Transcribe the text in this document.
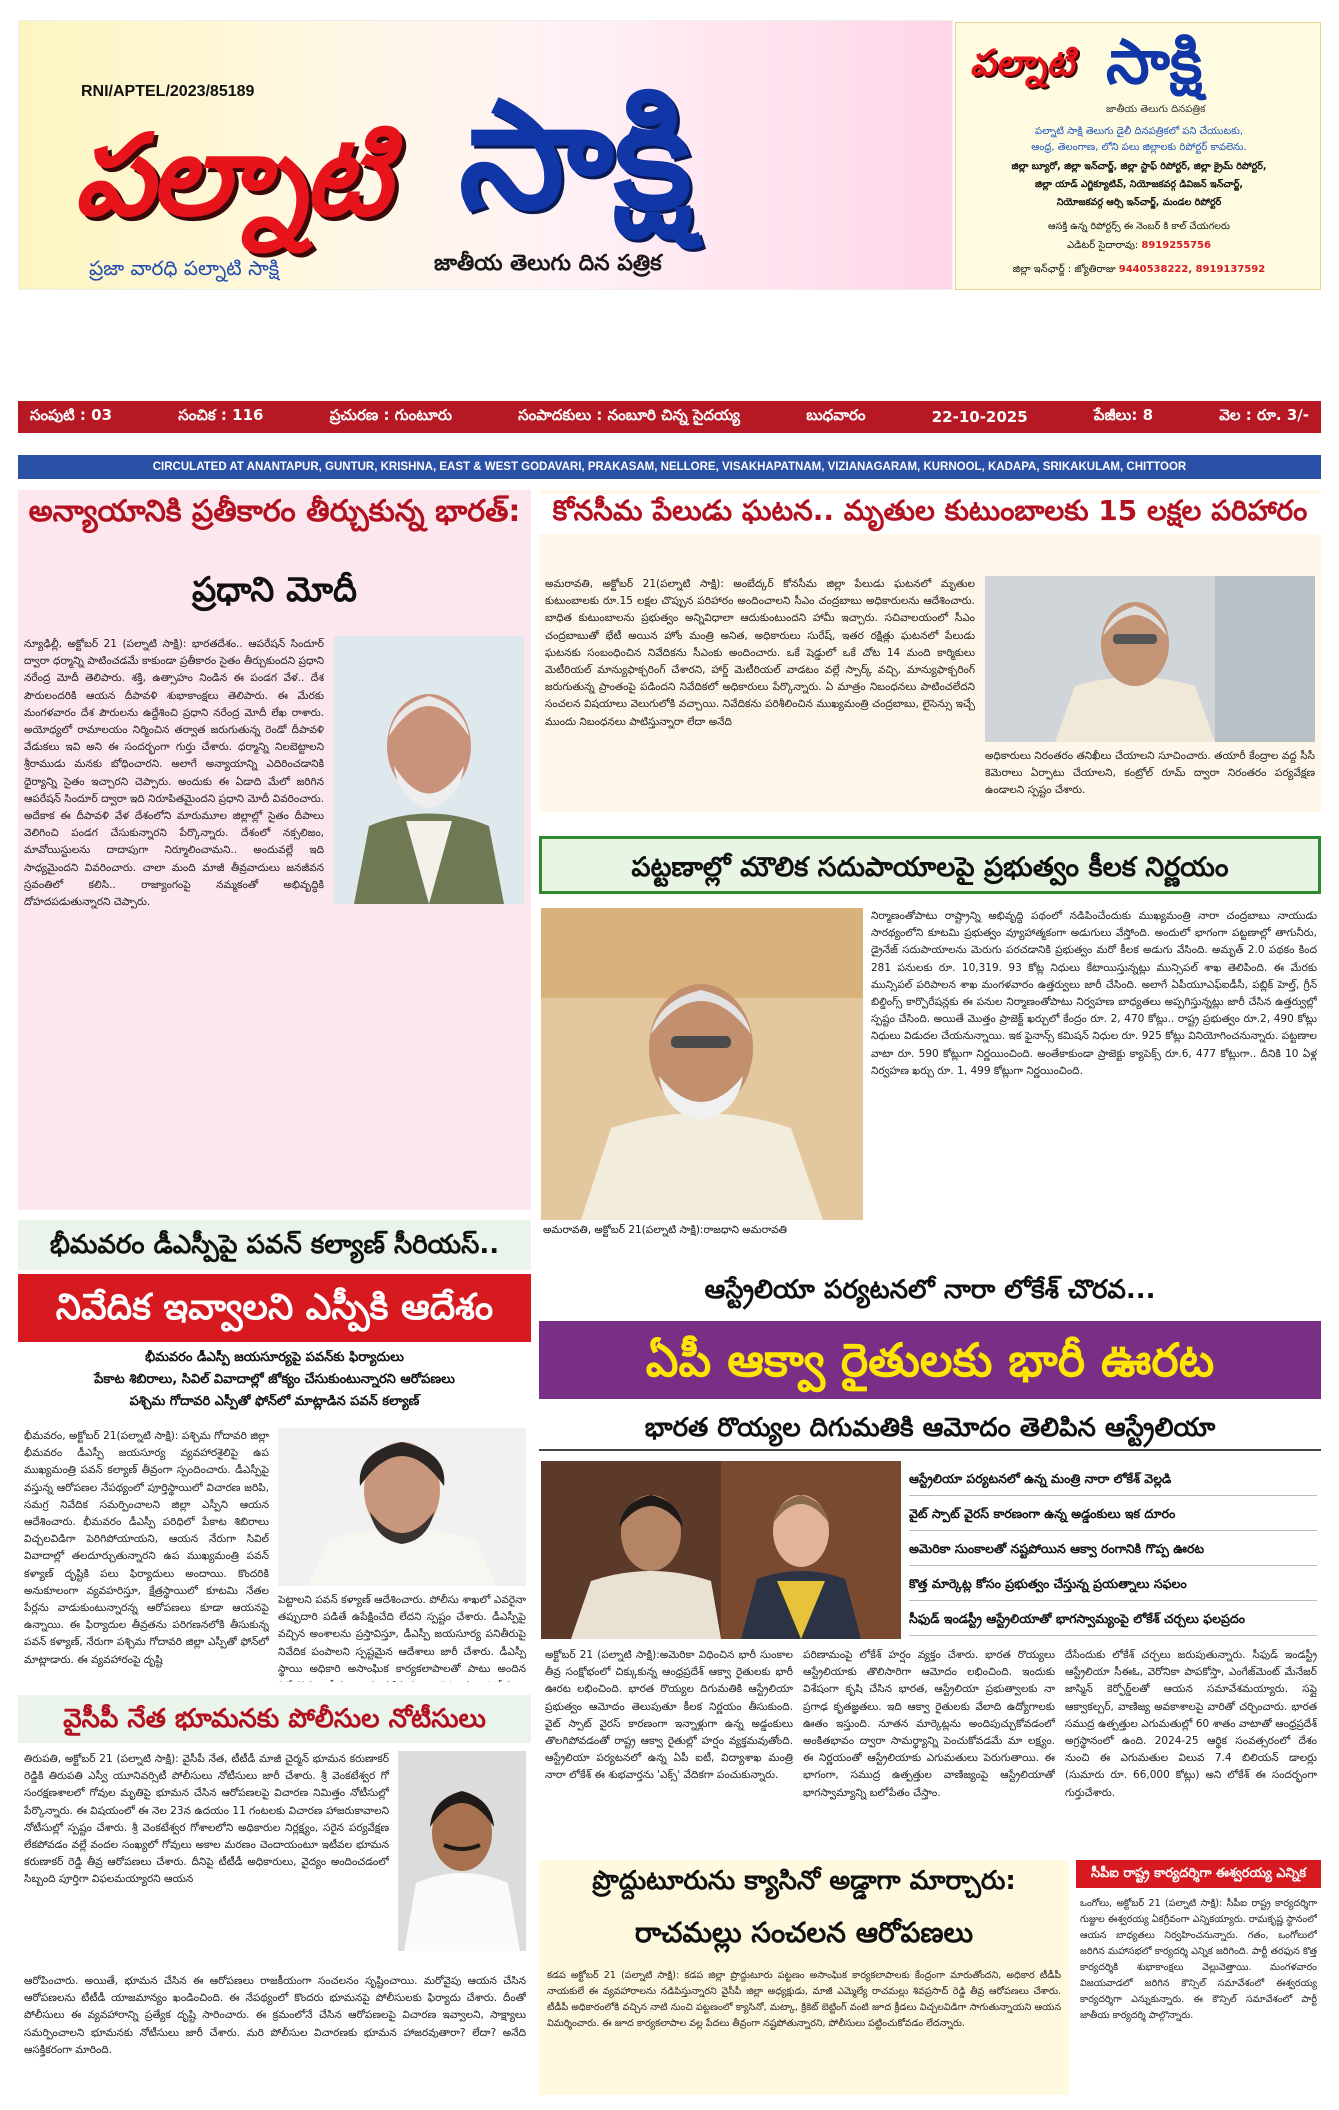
RNI/APTEL/2023/85189
పల్నాటి సాక్షి
ప్రజా వారధి పల్నాటి సాక్షి	జాతీయ తెలుగు దిన పత్రిక
పల్నాటి సాక్షి
జాతీయ తెలుగు దినపత్రిక
పల్నాటి సాక్షి తెలుగు డైలీ దినపత్రికలో పని చేయుటకు,
ఆంధ్ర, తెలంగాణ, లోని పలు జిల్లాలకు రిపోర్టర్ కావలెను.
జిల్లా బ్యూరో, జిల్లా ఇన్‌చార్జ్, జిల్లా స్టాఫ్ రిపోర్టర్, జిల్లా క్రైమ్ రిపోర్టర్,
జిల్లా యాడ్ ఎగ్జిక్యూటివ్, నియోజకవర్గ డివిజన్ ఇన్‌చార్జ్,
నియోజకవర్గ ఆర్సి ఇన్‌చార్జ్, మండల రిపోర్టర్
ఆసక్తి ఉన్న రిపోర్టర్స్ ఈ నెంబర్ కి కాల్ చేయగలరు
ఎడిటర్ సైదారావు: 8919255756
జిల్లా ఇన్‌ఛార్జ్ : జ్యోతిరాజు 9440538222, 8919137592
సంపుటి : 03	సంచిక : 116	ప్రచురణ : గుంటూరు	సంపాదకులు : నంబూరి చిన్న సైదయ్య	బుధవారం	22-10-2025	పేజీలు: 8	వెల : రూ. 3/-
CIRCULATED AT ANANTAPUR, GUNTUR, KRISHNA, EAST & WEST GODAVARI, PRAKASAM, NELLORE, VISAKHAPATNAM, VIZIANAGARAM, KURNOOL, KADAPA, SRIKAKULAM, CHITTOOR
అన్యాయానికి ప్రతీకారం తీర్చుకున్న భారత్:
ప్రధాని మోదీ
న్యూఢిల్లీ, అక్టోబర్ 21 (పల్నాటి సాక్షి): భారతదేశం.. ఆపరేషన్ సిందూర్ ద్వారా ధర్మాన్ని పాటించడమే కాకుండా ప్రతీకారం సైతం తీర్చుకుందని ప్రధాని నరేంద్ర మోదీ తెలిపారు. శక్తి, ఉత్సాహం నిండిన ఈ పండగ వేళ.. దేశ పౌరులందరికి ఆయన దీపావళి శుభాకాంక్షలు తెలిపారు. ఈ మేరకు మంగళవారం దేశ పౌరులను ఉద్దేశించి ప్రధాని నరేంద్ర మోదీ లేఖ రాశారు. అయోధ్యలో రామాలయం నిర్మించిన తర్వాత జరుగుతున్న రెండో దీపావళి వేడుకలు ఇవి అని ఈ సందర్భంగా గుర్తు చేశారు. ధర్మాన్ని నిలబెట్టాలని శ్రీరాముడు మనకు బోధించారని. అలాగే అన్యాయాన్ని ఎదిరించడానికి ధైర్యాన్ని సైతం ఇచ్చారని చెప్పారు. అందుకు ఈ ఏడాది మేలో జరిగిన ఆపరేషన్ సిందూర్ ద్వారా ఇది నిరూపితమైందని ప్రధాని మోదీ వివరించారు. అదేకాక ఈ దీపావళి వేళ దేశంలోని మారుమూల జిల్లాల్లో సైతం దీపాలు వెలిగించి పండగ చేసుకున్నారని పేర్కొన్నారు. దేశంలో నక్సలిజం, మావోయిస్టులను దాదాపుగా నిర్మూలించామని.. అందువల్లే ఇది సాధ్యమైందని వివరించారు. చాలా మంది మాజీ తీవ్రవాదులు జనజీవన స్రవంతిలో కలిసి.. రాజ్యాంగంపై నమ్మకంతో అభివృద్ధికి దోహదపడుతున్నారని చెప్పారు.
కోనసీమ పేలుడు ఘటన.. మృతుల కుటుంబాలకు 15 లక్షల పరిహారం
అమరావతి, అక్టోబర్ 21(పల్నాటి సాక్షి): అంబేద్కర్ కోనసీమ జిల్లా పేలుడు ఘటనలో మృతుల కుటుంబాలకు రూ.15 లక్షల చొప్పున పరిహారం అందించాలని సీఎం చంద్రబాబు అధికారులను ఆదేశించారు. బాధిత కుటుంబాలను ప్రభుత్వం అన్నివిధాలా ఆదుకుంటుందని హామీ ఇచ్చారు. సచివాలయంలో సీఎం చంద్రబాబుతో భేటీ అయిన హోం మంత్రి అనిత, అధికారులు సురేష్, ఇతర రక్షిత్లు ఘటనలో పేలుడు ఘటనకు సంబంధించిన నివేదికను సీఎంకు అందించారు. ఒకే షెడ్డులో ఒకే చోట 14 మంది కార్మికులు మెటీరియల్ మాన్యుఫాక్చరింగ్ చేశారని, హార్డ్ మెటీరియల్ వాడటం వల్లే స్పార్క్ వచ్చి, మాన్యుఫాక్చరింగ్ జరుగుతున్న ప్రాంతంపై పడిందని నివేదికలో అధికారులు పేర్కొన్నారు. ఏ మాత్రం నిబంధనలు పాటించలేదని సంచలన విషయాలు వెలుగులోకి వచ్చాయి. నివేదికను పరిశీలించిన ముఖ్యమంత్రి చంద్రబాబు, లైసెన్సు ఇచ్చే ముందు నిబంధనలు పాటిస్తున్నారా లేదా అనేది
అధికారులు నిరంతరం తనిఖీలు చేయాలని సూచించారు. తయారీ కేంద్రాల వద్ద సీసీ కెమెరాలు ఏర్పాటు చేయాలని, కంట్రోల్ రూమ్ ద్వారా నిరంతరం పర్యవేక్షణ ఉండాలని స్పష్టం చేశారు.
పట్టణాల్లో మౌలిక సదుపాయాలపై ప్రభుత్వం కీలక నిర్ణయం
అమరావతి, అక్టోబర్ 21(పల్నాటి సాక్షి):రాజధాని అమరావతి
నిర్మాణంతోపాటు రాష్ట్రాన్ని అభివృద్ధి పథంలో నడిపించేందుకు ముఖ్యమంత్రి నారా చంద్రబాబు నాయుడు సారథ్యంలోని కూటమి ప్రభుత్వం వ్యూహాత్మకంగా అడుగులు వేస్తోంది. అందులో భాగంగా పట్టణాల్లో తాగునీరు, డ్రైనేజ్ సదుపాయాలను మెరుగు పరచడానికి ప్రభుత్వం మరో కీలక అడుగు వేసింది. అమృత్ 2.0 పథకం కింద 281 పనులకు రూ. 10,319. 93 కోట్ల నిధులు కేటాయిస్తున్నట్లు మున్సిపల్ శాఖ తెలిపింది. ఈ మేరకు మున్సిపల్ పరిపాలన శాఖ మంగళవారం ఉత్తర్వులు జారీ చేసింది. అలాగే ఏపీయూఎఫ్‌ఐడీసీ, పబ్లిక్ హెల్త్, గ్రీన్ బిల్డింగ్స్ కార్పొరేషన్లకు ఈ పనుల నిర్మాణంతోపాటు నిర్వహణ బాధ్యతలు అప్పగిస్తున్నట్లు జారీ చేసిన ఉత్తర్వుల్లో స్పష్టం చేసింది. అయితే మొత్తం ప్రాజెక్ట్ ఖర్చులో కేంద్రం రూ. 2, 470 కోట్లు.. రాష్ట్ర ప్రభుత్వం రూ.2, 490 కోట్లు నిధులు విడుదల చేయనున్నాయి. ఇక ఫైనాన్స్ కమిషన్ నిధుల రూ. 925 కోట్లు వినియోగించనున్నారు. పట్టణాల వాటా రూ. 590 కోట్లుగా నిర్ణయించింది. అంతేకాకుండా ప్రాజెక్టు క్యాపెక్స్ రూ.6, 477 కోట్లుగా.. దీనికి 10 ఏళ్ల నిర్వహణ ఖర్చు రూ. 1, 499 కోట్లుగా నిర్ణయించింది.
భీమవరం డీఎస్పీపై పవన్ కల్యాణ్ సీరియస్..
నివేదిక ఇవ్వాలని ఎస్పీకి ఆదేశం
భీమవరం డీఎస్పీ జయసూర్యపై పవన్‌కు ఫిర్యాదులు
పేకాట శిబిరాలు, సివిల్ వివాదాల్లో జోక్యం చేసుకుంటున్నారని ఆరోపణలు
పశ్చిమ గోదావరి ఎస్పీతో ఫోన్‌లో మాట్లాడిన పవన్ కల్యాణ్
భీమవరం, అక్టోబర్ 21(పల్నాటి సాక్షి): పశ్చిమ గోదావరి జిల్లా భీమవరం డీఎస్పీ జయసూర్య వ్యవహారశైలిపై ఉప ముఖ్యమంత్రి పవన్ కల్యాణ్ తీవ్రంగా స్పందించారు. డీఎస్పీపై వస్తున్న ఆరోపణల నేపథ్యంలో పూర్తిస్థాయిలో విచారణ జరిపి, సమగ్ర నివేదిక సమర్పించాలని జిల్లా ఎస్పీని ఆయన ఆదేశించారు. భీమవరం డీఎస్పీ పరిధిలో పేకాట శిబిరాలు విచ్చలవిడిగా పెరిగిపోయాయని, ఆయన నేరుగా సివిల్ వివాదాల్లో తలదూర్చుతున్నారని ఉప ముఖ్యమంత్రి పవన్ కళ్యాణ్ దృష్టికి పలు ఫిర్యాదులు అందాయి. కొందరికి అనుకూలంగా వ్యవహరిస్తూ, క్షేత్రస్థాయిలో కూటమి నేతల పేర్లను వాడుకుంటున్నారన్న ఆరోపణలు కూడా ఆయనపై ఉన్నాయి. ఈ ఫిర్యాదుల తీవ్రతను పరిగణనలోకి తీసుకున్న పవన్ కళ్యాణ్, నేరుగా పశ్చిమ గోదావరి జిల్లా ఎస్పీతో ఫోన్‌లో మాట్లాడారు. ఈ వ్యవహారంపై దృష్టి
పెట్టాలని పవన్ కళ్యాణ్ ఆదేశించారు. పోలీసు శాఖలో ఎవరైనా తప్పుదారి పడితే ఉపేక్షించేది లేదని స్పష్టం చేశారు. డీఎస్పీపై వచ్చిన అంశాలను ప్రస్తావిస్తూ, డీఎస్పీ జయసూర్య పనితీరుపై నివేదిక పంపాలని స్పష్టమైన ఆదేశాలు జారీ చేశారు. డీఎస్పీ స్థాయి అధికారి అసాంఘిక కార్యకలాపాలతో పాటు అందిన
వైసీపీ నేత భూమనకు పోలీసుల నోటీసులు
తిరుపతి, అక్టోబర్ 21 (పల్నాటి సాక్షి): వైసీపీ నేత, టీటీడీ మాజీ చైర్మన్ భూమన కరుణాకర్ రెడ్డికి తిరుపతి ఎస్వీ యూనివర్సిటీ పోలీసులు నోటీసులు జారీ చేశారు. శ్రీ వెంకటేశ్వర గో సంరక్షణశాలలో గోవుల మృతిపై భూమన చేసిన ఆరోపణలపై విచారణ నిమిత్తం నోటీసుల్లో పేర్కొన్నారు. ఈ విషయంలో ఈ నెల 23న ఉదయం 11 గంటలకు విచారణ హాజరుకావాలని నోటీసుల్లో స్పష్టం చేశారు. శ్రీ వెంకటేశ్వర గోశాలలోని అధికారుల నిర్లక్ష్యం, సరైన పర్యవేక్షణ లేకపోవడం వల్లే వందల సంఖ్యలో గోవులు అకాల మరణం చెందాయంటూ ఇటీవల భూమన కరుణాకర్ రెడ్డి తీవ్ర ఆరోపణలు చేశారు. దీనిపై టీటీడీ అధికారులు, వైద్యం అందించడంలో సిబ్బంది పూర్తిగా విఫలమయ్యారని ఆయన
ఆరోపించారు. అయితే, భూమన చేసిన ఈ ఆరోపణలు రాజకీయంగా సంచలనం సృష్టించాయి. మరోవైపు ఆయన చేసిన ఆరోపణలను టీటీడీ యాజమాన్యం ఖండించింది. ఈ నేపథ్యంలో కొందరు భూమనపై పోలీసులకు ఫిర్యాదు చేశారు. దీంతో పోలీసులు ఈ వ్యవహారాన్ని ప్రత్యేక దృష్టి సారించారు. ఈ క్రమంలోనే చేసిన ఆరోపణలపై విచారణ ఇవ్వాలని, సాక్ష్యాలు సమర్పించాలని భూమనకు నోటీసులు జారీ చేశారు. మరి పోలీసుల విచారణకు భూమన హాజరవుతారా? లేదా? అనేది ఆసక్తికరంగా మారింది.
ఆస్ట్రేలియా పర్యటనలో నారా లోకేశ్ చొరవ...
ఏపీ ఆక్వా రైతులకు భారీ ఊరట
భారత రొయ్యల దిగుమతికి ఆమోదం తెలిపిన ఆస్ట్రేలియా
ఆస్ట్రేలియా పర్యటనలో ఉన్న మంత్రి నారా లోకేశ్ వెల్లడి
వైట్ స్పాట్ వైరస్ కారణంగా ఉన్న అడ్డంకులు ఇక దూరం
అమెరికా సుంకాలతో నష్టపోయిన ఆక్వా రంగానికి గొప్ప ఊరట
కొత్త మార్కెట్ల కోసం ప్రభుత్వం చేస్తున్న ప్రయత్నాలు సఫలం
సీఫుడ్ ఇండస్ట్రీ ఆస్ట్రేలియాతో భాగస్వామ్యంపై లోకేశ్ చర్చలు ఫలప్రదం
అక్టోబర్ 21 (పల్నాటి సాక్షి):అమెరికా విధించిన భారీ సుంకాల తీవ్ర సంక్షోభంలో చిక్కుకున్న ఆంధ్రప్రదేశ్ ఆక్వా రైతులకు భారీ ఊరట లభించింది. భారత రొయ్యల దిగుమతికి ఆస్ట్రేలియా ప్రభుత్వం ఆమోదం తెలుపుతూ కీలక నిర్ణయం తీసుకుంది. వైట్ స్పాట్ వైరస్ కారణంగా ఇన్నాళ్లుగా ఉన్న అడ్డంకులు తొలగిపోవడంతో రాష్ట్ర ఆక్వా రైతుల్లో హర్షం వ్యక్తమవుతోంది. ఆస్ట్రేలియా పర్యటనలో ఉన్న ఏపీ ఐటీ, విద్యాశాఖ మంత్రి నారా లోకేశ్ ఈ శుభవార్తను 'ఎక్స్' వేదికగా పంచుకున్నారు.
పరిణామంపై లోకేశ్ హర్షం వ్యక్తం చేశారు. భారత రొయ్యలు ఆస్ట్రేలియాకు తొలిసారిగా ఆమోదం లభించింది. ఇందుకు విశేషంగా కృషి చేసిన భారత, ఆస్ట్రేలియా ప్రభుత్వాలకు నా ప్రగాఢ కృతజ్ఞతలు. ఇది ఆక్వా రైతులకు వేలాది ఉద్యోగాలకు ఊతం ఇస్తుంది. నూతన మార్కెట్లను అందిపుచ్చుకోవడంలో అంకితభావం ద్వారా సామర్థ్యాన్ని పెంచుకోవడమే మా లక్ష్యం. ఈ నిర్ణయంతో ఆస్ట్రేలియాకు ఎగుమతులు పెరుగుతాయి. ఈ భాగంగా, సముద్ర ఉత్పత్తుల వాణిజ్యంపై ఆస్ట్రేలియాతో భాగస్వామ్యాన్ని బలోపేతం చేస్తాం.
దేసేందుకు లోకేశ్ చర్చలు జరుపుతున్నారు. సీఫుడ్ ఇండస్ట్రీ ఆస్ట్రేలియా సీఈఓ, వెరోనికా పాపకోస్తా, ఎంగేజ్‌మెంట్ మేనేజర్ జాస్మిన్ కెర్ఫోర్డ్‌లతో ఆయన సమావేశమయ్యారు. సప్లై ఆక్వాకల్చర్, వాణిజ్య అవకాశాలపై వారితో చర్చించారు. భారత సముద్ర ఉత్పత్తుల ఎగుమతుల్లో 60 శాతం వాటాతో ఆంధ్రప్రదేశ్ అగ్రస్థానంలో ఉంది. 2024-25 ఆర్థిక సంవత్సరంలో దేశం నుంచి ఈ ఎగుమతుల విలువ 7.4 బిలియన్ డాలర్లు (సుమారు రూ. 66,000 కోట్లు) అని లోకేశ్ ఈ సందర్భంగా గుర్తుచేశారు.
ప్రొద్దుటూరును క్యాసినో అడ్డాగా మార్చారు:
రాచమల్లు సంచలన ఆరోపణలు
కడప అక్టోబర్ 21 (పల్నాటి సాక్షి): కడప జిల్లా ప్రొద్దుటూరు పట్టణం అసాంఘిక కార్యకలాపాలకు కేంద్రంగా మారుతోందని, అధికార టీడీపీ నాయకులే ఈ వ్యవహారాలను నడిపిస్తున్నారని వైసీపీ జిల్లా అధ్యక్షుడు, మాజీ ఎమ్మెల్యే రాచమల్లు శివప్రసాద్ రెడ్డి తీవ్ర ఆరోపణలు చేశారు. టీడీపీ అధికారంలోకి వచ్చిన నాటి నుంచి పట్టణంలో క్యాసినో, మట్కా, క్రికెట్ బెట్టింగ్ వంటి జూద క్రీడలు విచ్చలవిడిగా సాగుతున్నాయని ఆయన విమర్శించారు. ఈ జూద కార్యకలాపాల వల్ల పేదలు తీవ్రంగా నష్టపోతున్నారని, పోలీసులు పట్టించుకోవడం లేదన్నారు.
సీపీఐ రాష్ట్ర కార్యదర్శిగా ఈశ్వరయ్య ఎన్నిక
ఒంగోలు, అక్టోబర్ 21 (పల్నాటి సాక్షి): సీపీఐ రాష్ట్ర కార్యదర్శిగా గుజ్జుల ఈశ్వరయ్య ఏకగ్రీవంగా ఎన్నికయ్యారు. రామకృష్ణ స్థానంలో ఆయన బాధ్యతలు నిర్వహించనున్నారు. గతం, ఒంగోలులో జరిగిన మహాసభలో కార్యదర్శి ఎన్నిక జరిగింది. పార్టీ తరఫున కొత్త కార్యదర్శికి శుభాకాంక్షలు వెల్లువెత్తాయి. మంగళవారం విజయవాడలో జరిగిన కౌన్సిల్ సమావేశంలో ఈశ్వరయ్య కార్యదర్శిగా ఎన్నుకున్నారు. ఈ కౌన్సిల్ సమావేశంలో పార్టీ జాతీయ కార్యదర్శి పాల్గొన్నారు.
